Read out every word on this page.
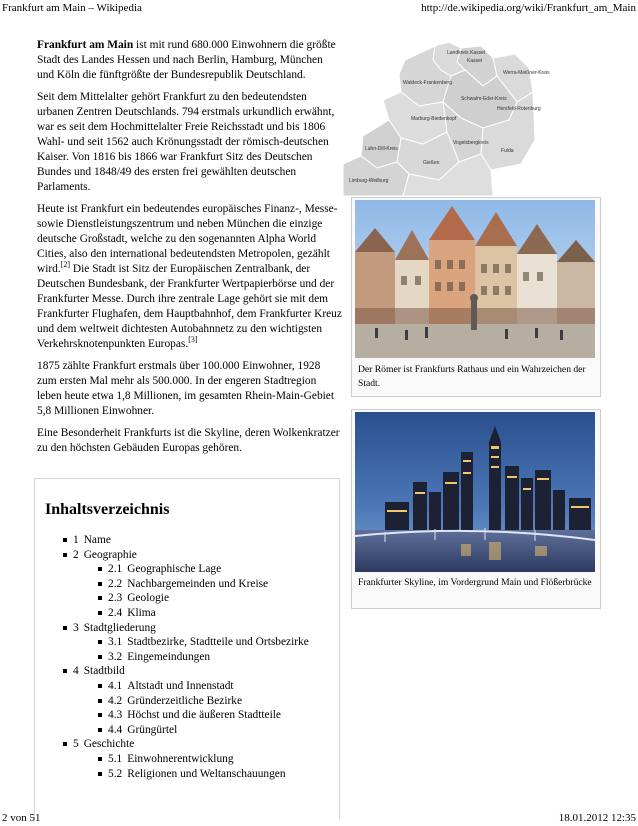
Frankfurt am Main – Wikipedia	http://de.wikipedia.org/wiki/Frankfurt_am_Main
Landkreis Kassel
Kassel
Werra-Meißner-Kreis
Waldeck-Frankenberg
Schwalm-Eder-Kreis
Hersfeld-Rotenburg
Marburg-Biedenkopf
Lahn-Dill-Kreis
Vogelsbergkreis
Gießen
Fulda
Limburg-Weilburg

Frankfurt am Main ist mit rund 680.000 Einwohnern die größte Stadt des Landes Hessen und nach Berlin, Hamburg, München und Köln die fünftgrößte der Bundesrepublik Deutschland.

Seit dem Mittelalter gehört Frankfurt zu den bedeutendsten urbanen Zentren Deutschlands. 794 erstmals urkundlich erwähnt, war es seit dem Hochmittelalter Freie Reichsstadt und bis 1806 Wahl- und seit 1562 auch Krönungsstadt der römisch-deutschen Kaiser. Von 1816 bis 1866 war Frankfurt Sitz des Deutschen Bundes und 1848/49 des ersten frei gewählten deutschen Parlaments.

Heute ist Frankfurt ein bedeutendes europäisches Finanz-, Messe- sowie Dienstleistungszentrum und neben München die einzige deutsche Großstadt, welche zu den sogenannten Alpha World Cities, also den international bedeutendsten Metropolen, gezählt wird.[2] Die Stadt ist Sitz der Europäischen Zentralbank, der Deutschen Bundesbank, der Frankfurter Wertpapierbörse und der Frankfurter Messe. Durch ihre zentrale Lage gehört sie mit dem Frankfurter Flughafen, dem Hauptbahnhof, dem Frankfurter Kreuz und dem weltweit dichtesten Autobahnnetz zu den wichtigsten Verkehrsknotenpunkten Europas.[3]

1875 zählte Frankfurt erstmals über 100.000 Einwohner, 1928 zum ersten Mal mehr als 500.000. In der engeren Stadtregion leben heute etwa 1,8 Millionen, im gesamten Rhein-Main-Gebiet 5,8 Millionen Einwohner.

Eine Besonderheit Frankfurts ist die Skyline, deren Wolkenkratzer zu den höchsten Gebäuden Europas gehören.

Inhaltsverzeichnis
1 Name
2 Geographie
2.1 Geographische Lage
2.2 Nachbargemeinden und Kreise
2.3 Geologie
2.4 Klima
3 Stadtgliederung
3.1 Stadtbezirke, Stadtteile und Ortsbezirke
3.2 Eingemeindungen
4 Stadtbild
4.1 Altstadt und Innenstadt
4.2 Gründerzeitliche Bezirke
4.3 Höchst und die äußeren Stadtteile
4.4 Grüngürtel
5 Geschichte
5.1 Einwohnerentwicklung
5.2 Religionen und Weltanschauungen
Der Römer ist Frankfurts Rathaus und ein Wahrzeichen der Stadt.
Frankfurter Skyline, im Vordergrund Main und Flößerbrücke
2 von 51	18.01.2012 12:35
